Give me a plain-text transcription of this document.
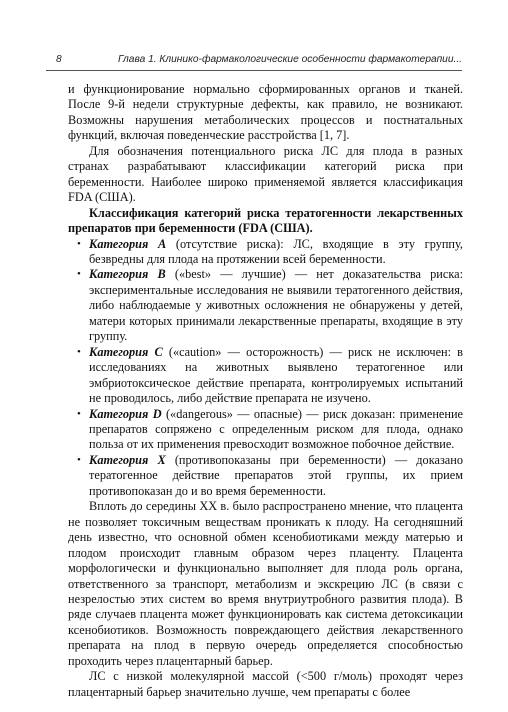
8	Глава 1. Клинико-фармакологические особенности фармакотерапии...

и функционирование нормально сформированных органов и тканей. После 9-й недели структурные дефекты, как правило, не возникают. Возможны нарушения метаболических процессов и постнатальных функций, включая поведенческие расстройства [1, 7].

Для обозначения потенциального риска ЛС для плода в разных странах разрабатывают классификации категорий риска при беременности. Наиболее широко применяемой является классификация FDA (США).

Классификация категорий риска тератогенности лекарственных препаратов при беременности (FDA (США).

• Категория A (отсутствие риска): ЛС, входящие в эту группу, безвредны для плода на протяжении всей беременности.
• Категория B («best» — лучшие) — нет доказательства риска: экспериментальные исследования не выявили тератогенного действия, либо наблюдаемые у животных осложнения не обнаружены у детей, матери которых принимали лекарственные препараты, входящие в эту группу.
• Категория C («caution» — осторожность) — риск не исключен: в исследованиях на животных выявлено тератогенное или эмбриотоксическое действие препарата, контролируемых испытаний не проводилось, либо действие препарата не изучено.
• Категория D («dangerous» — опасные) — риск доказан: применение препаратов сопряжено с определенным риском для плода, однако польза от их применения превосходит возможное побочное действие.
• Категория X (противопоказаны при беременности) — доказано тератогенное действие препаратов этой группы, их прием противопоказан до и во время беременности.

Вплоть до середины XX в. было распространено мнение, что плацента не позволяет токсичным веществам проникать к плоду. На сегодняшний день известно, что основной обмен ксенобиотиками между матерью и плодом происходит главным образом через плаценту. Плацента морфологически и функционально выполняет для плода роль органа, ответственного за транспорт, метаболизм и экскрецию ЛС (в связи с незрелостью этих систем во время внутриутробного развития плода). В ряде случаев плацента может функционировать как система детоксикации ксенобиотиков. Возможность повреждающего действия лекарственного препарата на плод в первую очередь определяется способностью проходить через плацентарный барьер.

ЛС с низкой молекулярной массой (<500 г/моль) проходят через плацентарный барьер значительно лучше, чем препараты с более
